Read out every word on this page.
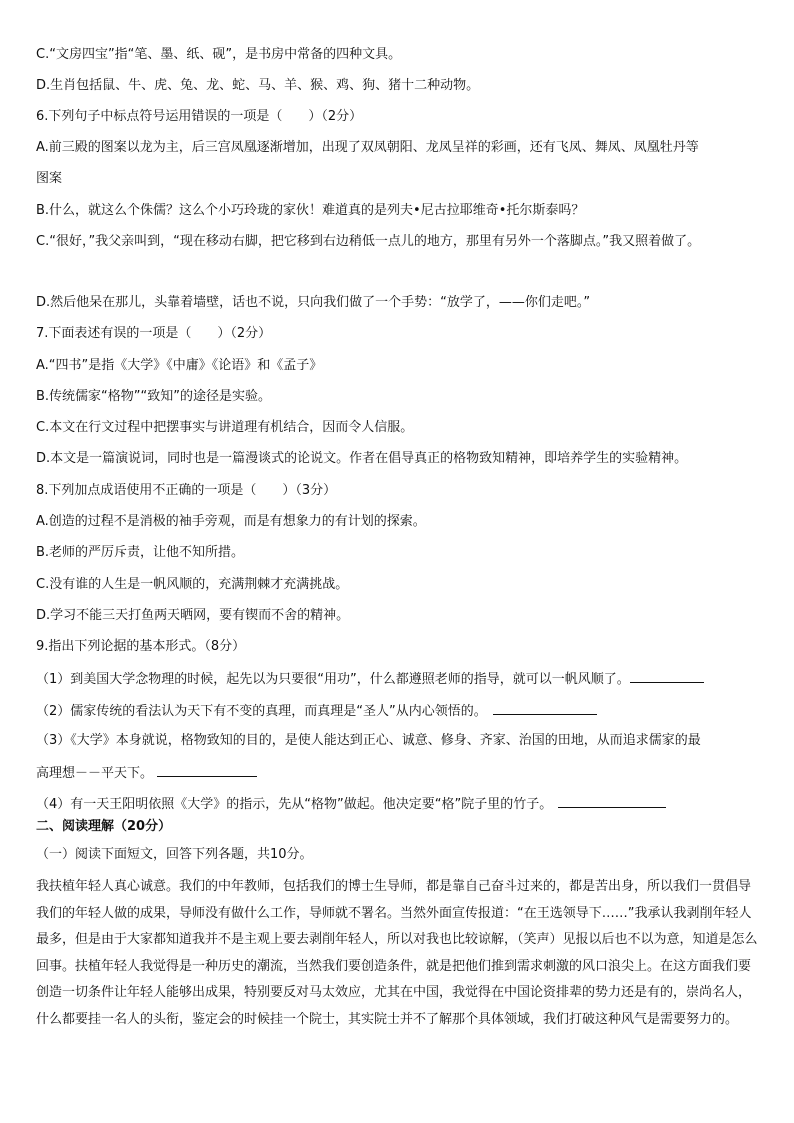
C.“文房四宝”指“笔、墨、纸、砚”，是书房中常备的四种文具。
D.生肖包括鼠、牛、虎、兔、龙、蛇、马、羊、猴、鸡、狗、猪十二种动物。
6.下列句子中标点符号运用错误的一项是（　　）（2分）
A.前三殿的图案以龙为主，后三宫凤凰逐渐增加，出现了双凤朝阳、龙凤呈祥的彩画，还有飞凤、舞凤、凤凰牡丹等
图案
B.什么，就这么个侏儒？这么个小巧玲珑的家伙！难道真的是列夫•尼古拉耶维奇•托尔斯泰吗？
C.“很好，”我父亲叫到，“现在移动右脚，把它移到右边稍低一点儿的地方，那里有另外一个落脚点。”我又照着做了。
D.然后他呆在那儿，头靠着墙壁，话也不说，只向我们做了一个手势：“放学了，——你们走吧。”
7.下面表述有误的一项是（　　）（2分）
A.“四书”是指《大学》《中庸》《论语》和《孟子》
B.传统儒家“格物”“致知”的途径是实验。
C.本文在行文过程中把摆事实与讲道理有机结合，因而令人信服。
D.本文是一篇演说词，同时也是一篇漫谈式的论说文。作者在倡导真正的格物致知精神，即培养学生的实验精神。
8.下列加点成语使用不正确的一项是（　　）（3分）
A.创造的过程不是消极的袖手旁观，而是有想象力的有计划的探索。
B.老师的严厉斥责，让他不知所措。
C.没有谁的人生是一帆风顺的，充满荆棘才充满挑战。
D.学习不能三天打鱼两天晒网，要有锲而不舍的精神。
9.指出下列论据的基本形式。（8分）
（1）到美国大学念物理的时候，起先以为只要很“用功”，什么都遵照老师的指导，就可以一帆风顺了。
（2）儒家传统的看法认为天下有不变的真理，而真理是“圣人”从内心领悟的。
（3）《大学》本身就说，格物致知的目的，是使人能达到正心、诚意、修身、齐家、治国的田地，从而追求儒家的最
高理想－－平天下。
（4）有一天王阳明依照《大学》的指示，先从“格物”做起。他决定要“格”院子里的竹子。
二、阅读理解（20分）
（一）阅读下面短文，回答下列各题，共10分。
我扶植年轻人真心诚意。我们的中年教师，包括我们的博士生导师，都是靠自己奋斗过来的，都是苦出身，所以我们一贯倡导我们的年轻人做的成果，导师没有做什么工作，导师就不署名。当然外面宣传报道：“在王选领导下……”我承认我剥削年轻人最多，但是由于大家都知道我并不是主观上要去剥削年轻人，所以对我也比较谅解，（笑声）见报以后也不以为意，知道是怎么回事。扶植年轻人我觉得是一种历史的潮流，当然我们要创造条件，就是把他们推到需求刺激的风口浪尖上。在这方面我们要创造一切条件让年轻人能够出成果，特别要反对马太效应，尤其在中国，我觉得在中国论资排辈的势力还是有的，崇尚名人，什么都要挂一名人的头衔，鉴定会的时候挂一个院士，其实院士并不了解那个具体领域，我们打破这种风气是需要努力的。
